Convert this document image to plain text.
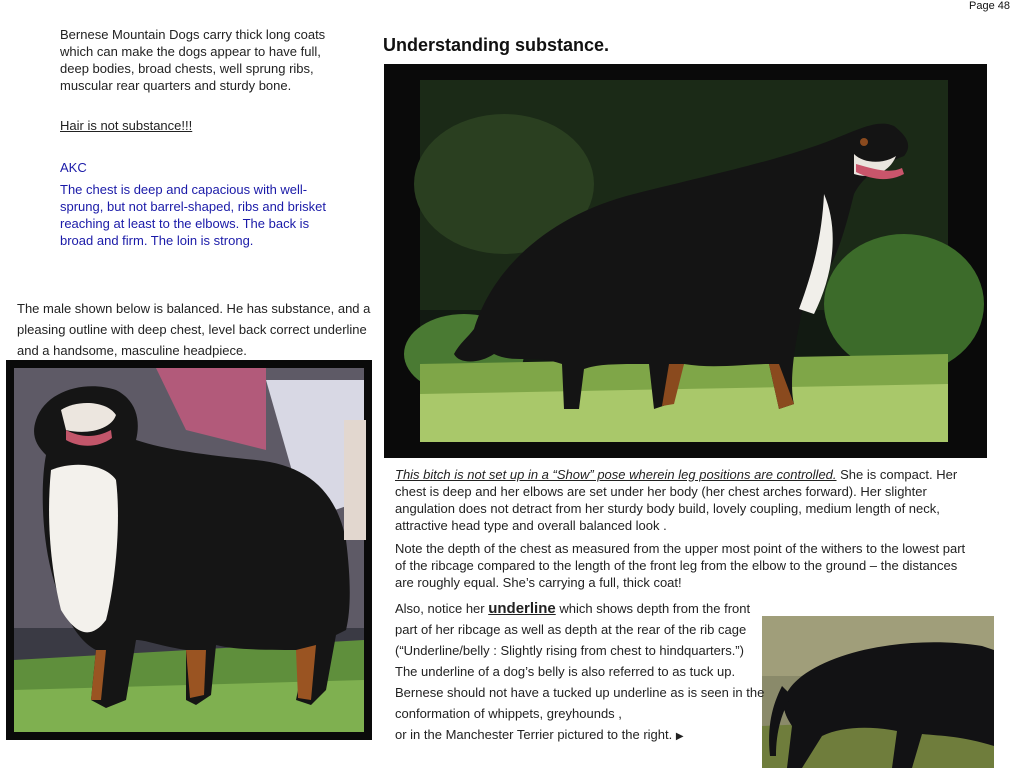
Page 48
Bernese Mountain Dogs carry thick long coats which can make the dogs appear to have full, deep bodies, broad chests, well sprung ribs, muscular rear quarters and sturdy bone.
Hair is not substance!!!
AKC
The chest is deep and capacious with well-sprung, but not barrel-shaped, ribs and brisket reaching at least to the elbows. The back is broad and firm. The loin is strong.
The male shown below is balanced. He has substance, and a pleasing outline with deep chest, level back correct underline and a handsome, masculine headpiece.
Understanding substance.
This bitch is not set up in a “Show” pose wherein leg positions are controlled. She is compact. Her chest is deep and her elbows are set under her body (her chest arches forward). Her slighter angulation does not detract from her sturdy body build, lovely coupling, medium length of neck, attractive head type and overall balanced look .
Note the depth of the chest as measured from the upper most point of the withers to the lowest part of the ribcage compared to the length of the front leg from the elbow to the ground – the distances are roughly equal. She’s carrying a full, thick coat!
Also, notice her underline which shows depth from the front part of her ribcage as well as depth at the rear of the rib cage (“Underline/belly : Slightly rising from chest to hindquarters.”)
The underline of a dog’s belly is also referred to as tuck up.
Bernese should not have a tucked up underline as is seen in the conformation of whippets, greyhounds ,
or in the Manchester Terrier pictured to the right. ▶
